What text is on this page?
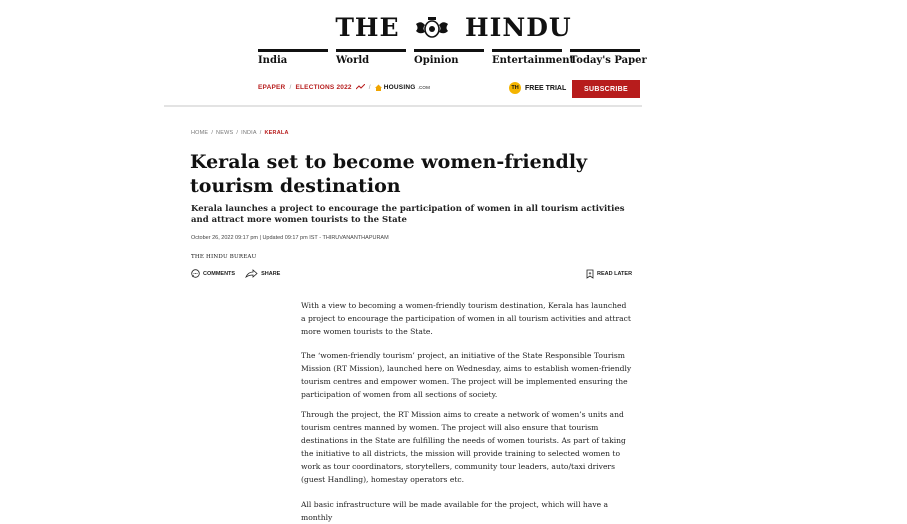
THE	HINDU
India	World	Opinion	Entertainment
Today's Paper
EPAPER / ELECTIONS 2022	/ HOUSING .COM	TH FREE TRIAL	SUBSCRIBE
HOME / NEWS / INDIA / KERALA
Kerala set to become women-friendly tourism destination
Kerala launches a project to encourage the participation of women in all tourism activities and attract more women tourists to the State
October 26, 2022 09:17 pm | Updated 09:17 pm IST - THIRUVANANTHAPURAM
THE HINDU BUREAU
COMMENTS	SHARE	READ LATER

With a view to becoming a women-friendly tourism destination, Kerala has launched a project to encourage the participation of women in all tourism activities and attract more women tourists to the State.

The ‘women-friendly tourism’ project, an initiative of the State Responsible Tourism Mission (RT Mission), launched here on Wednesday, aims to establish women-friendly tourism centres and empower women. The project will be implemented ensuring the participation of women from all sections of society.

Through the project, the RT Mission aims to create a network of women’s units and tourism centres manned by women. The project will also ensure that tourism destinations in the State are fulfilling the needs of women tourists. As part of taking the initiative to all districts, the mission will provide training to selected women to work as tour coordinators, storytellers, community tour leaders, auto/taxi drivers (guest Handling), homestay operators etc.

All basic infrastructure will be made available for the project, which will have a monthly
